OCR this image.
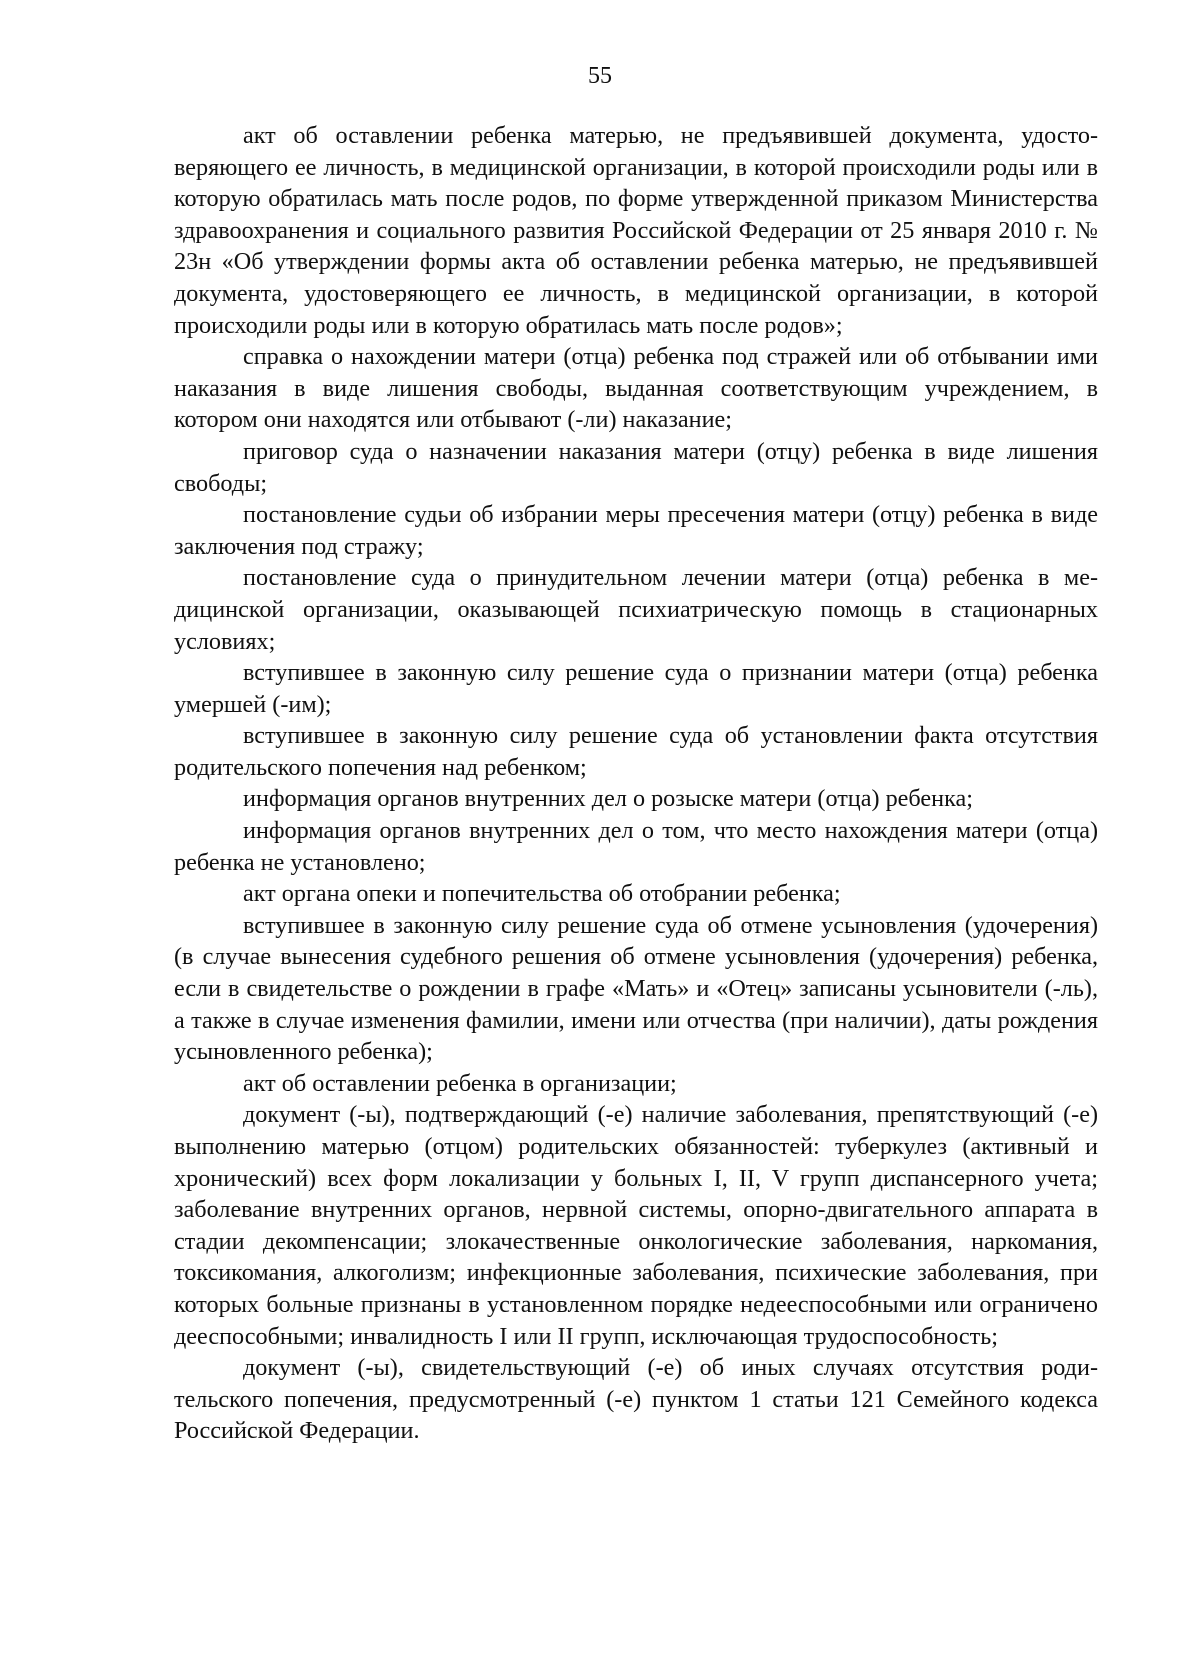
55

акт об оставлении ребенка матерью, не предъявившей документа, удостоверяющего ее личность, в медицинской организации, в которой происходили роды или в которую обратилась мать после родов, по форме утвержденной приказом Министерства здравоохранения и социального развития Российской Федерации от 25 января 2010 г. № 23н «Об утверждении формы акта об оставлении ребенка матерью, не предъявившей документа, удостоверяющего ее личность, в медицинской организации, в которой происходили роды или в которую обратилась мать после родов»;

справка о нахождении матери (отца) ребенка под стражей или об отбывании ими наказания в виде лишения свободы, выданная соответствующим учреждением, в котором они находятся или отбывают (-ли) наказание;

приговор суда о назначении наказания матери (отцу) ребенка в виде лишения свободы;

постановление судьи об избрании меры пресечения матери (отцу) ребенка в виде заключения под стражу;

постановление суда о принудительном лечении матери (отца) ребенка в медицинской организации, оказывающей психиатрическую помощь в стационарных условиях;

вступившее в законную силу решение суда о признании матери (отца) ребенка умершей (-им);

вступившее в законную силу решение суда об установлении факта отсутствия родительского попечения над ребенком;

информация органов внутренних дел о розыске матери (отца) ребенка;

информация органов внутренних дел о том, что место нахождения матери (отца) ребенка не установлено;

акт органа опеки и попечительства об отобрании ребенка;

вступившее в законную силу решение суда об отмене усыновления (удочерения) (в случае вынесения судебного решения об отмене усыновления (удочерения) ребенка, если в свидетельстве о рождении в графе «Мать» и «Отец» записаны усыновители (-ль), а также в случае изменения фамилии, имени или отчества (при наличии), даты рождения усыновленного ребенка);

акт об оставлении ребенка в организации;

документ (-ы), подтверждающий (-е) наличие заболевания, препятствующий (-е) выполнению матерью (отцом) родительских обязанностей: туберкулез (активный и хронический) всех форм локализации у больных I, II, V групп диспансерного учета; заболевание внутренних органов, нервной системы, опорно-двигательного аппарата в стадии декомпенсации; злокачественные онкологические заболевания, наркомания, токсикомания, алкоголизм; инфекционные заболевания, психические заболевания, при которых больные признаны в установленном порядке недееспособными или ограничено дееспособными; инвалидность I или II групп, исключающая трудоспособность;

документ (-ы), свидетельствующий (-е) об иных случаях отсутствия родительского попечения, предусмотренный (-е) пунктом 1 статьи 121 Семейного кодекса Российской Федерации.
